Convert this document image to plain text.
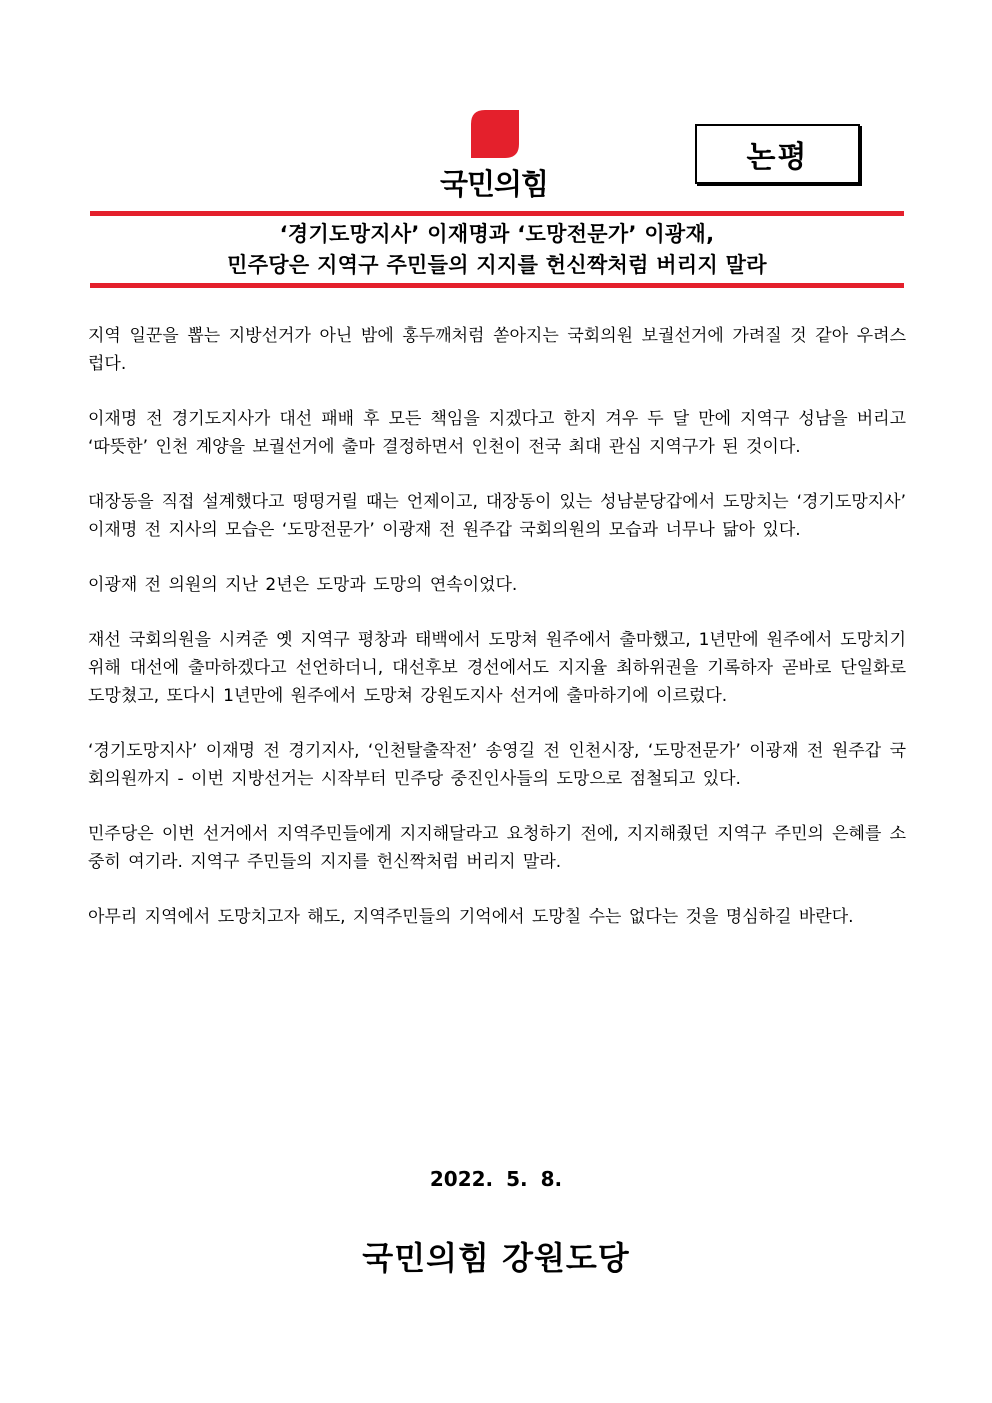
국민의힘
논평
‘경기도망지사’ 이재명과 ‘도망전문가’ 이광재,
민주당은 지역구 주민들의 지지를 헌신짝처럼 버리지 말라

지역 일꾼을 뽑는 지방선거가 아닌 밤에 홍두깨처럼 쏟아지는 국회의원 보궐선거에 가려질 것 같아 우려스럽다.

이재명 전 경기도지사가 대선 패배 후 모든 책임을 지겠다고 한지 겨우 두 달 만에 지역구 성남을 버리고 ‘따뜻한’ 인천 계양을 보궐선거에 출마 결정하면서 인천이 전국 최대 관심 지역구가 된 것이다.

대장동을 직접 설계했다고 떵떵거릴 때는 언제이고, 대장동이 있는 성남분당갑에서 도망치는 ‘경기도망지사’ 이재명 전 지사의 모습은 ‘도망전문가’ 이광재 전 원주갑 국회의원의 모습과 너무나 닮아 있다.

이광재 전 의원의 지난 2년은 도망과 도망의 연속이었다.

재선 국회의원을 시켜준 옛 지역구 평창과 태백에서 도망쳐 원주에서 출마했고, 1년만에 원주에서 도망치기 위해 대선에 출마하겠다고 선언하더니, 대선후보 경선에서도 지지율 최하위권을 기록하자 곧바로 단일화로 도망쳤고, 또다시 1년만에 원주에서 도망쳐 강원도지사 선거에 출마하기에 이르렀다.

‘경기도망지사’ 이재명 전 경기지사, ‘인천탈출작전’ 송영길 전 인천시장, ‘도망전문가’ 이광재 전 원주갑 국회의원까지 - 이번 지방선거는 시작부터 민주당 중진인사들의 도망으로 점철되고 있다.

민주당은 이번 선거에서 지역주민들에게 지지해달라고 요청하기 전에, 지지해줬던 지역구 주민의 은혜를 소중히 여기라. 지역구 주민들의 지지를 헌신짝처럼 버리지 말라.

아무리 지역에서 도망치고자 해도, 지역주민들의 기억에서 도망칠 수는 없다는 것을 명심하길 바란다.

2022. 5. 8.
국민의힘 강원도당
